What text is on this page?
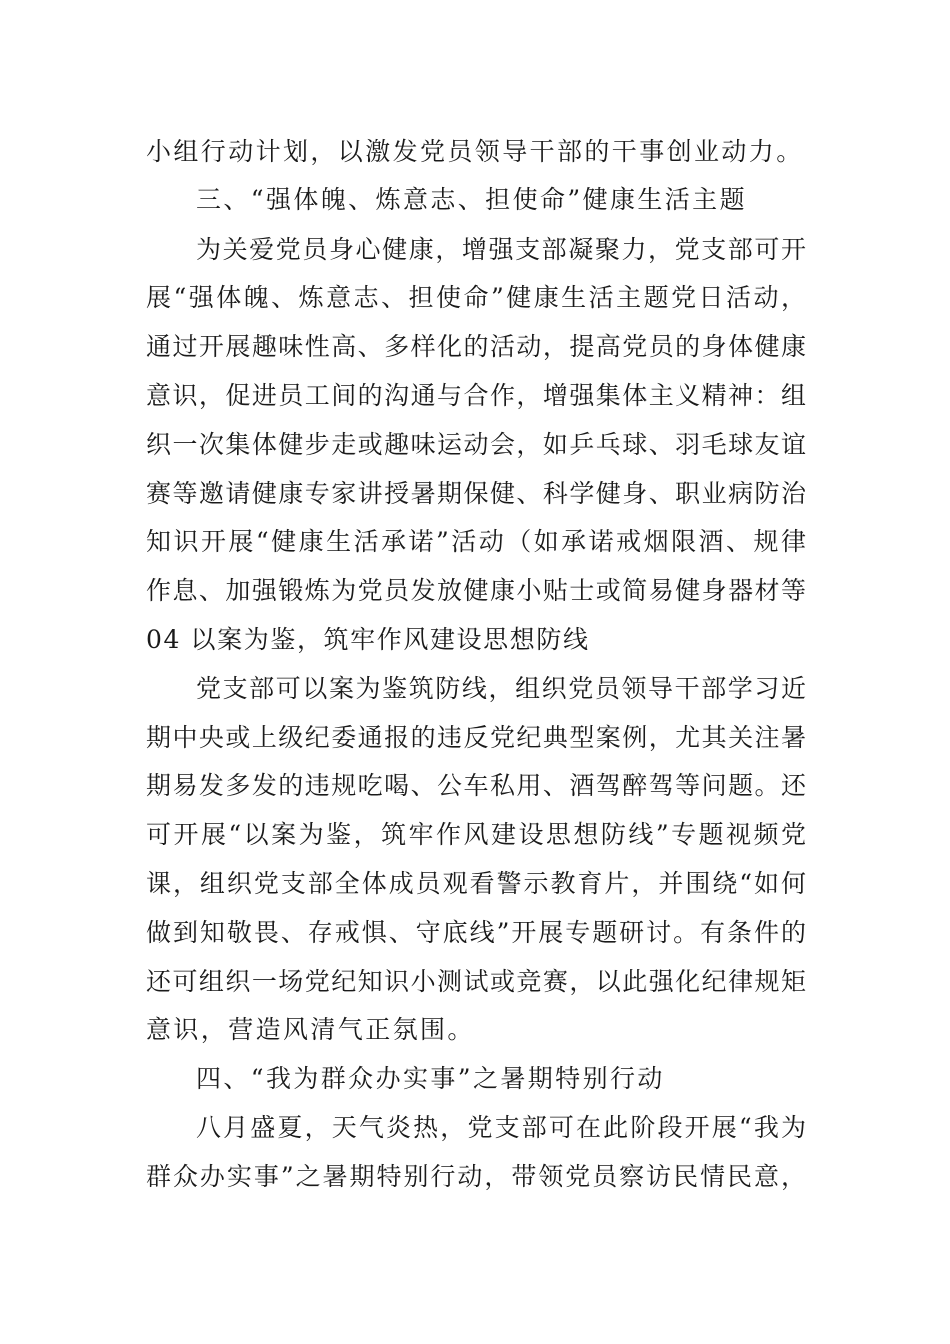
小组行动计划，以激发党员领导干部的干事创业动力。
三、“强体魄、炼意志、担使命”健康生活主题
为关爱党员身心健康，增强支部凝聚力，党支部可开
展“强体魄、炼意志、担使命”健康生活主题党日活动，
通过开展趣味性高、多样化的活动，提高党员的身体健康
意识，促进员工间的沟通与合作，增强集体主义精神：组
织一次集体健步走或趣味运动会，如乒乓球、羽毛球友谊
赛等邀请健康专家讲授暑期保健、科学健身、职业病防治
知识开展“健康生活承诺”活动（如承诺戒烟限酒、规律
作息、加强锻炼为党员发放健康小贴士或简易健身器材等
04 以案为鉴，筑牢作风建设思想防线
党支部可以案为鉴筑防线，组织党员领导干部学习近
期中央或上级纪委通报的违反党纪典型案例，尤其关注暑
期易发多发的违规吃喝、公车私用、酒驾醉驾等问题。还
可开展“以案为鉴，筑牢作风建设思想防线”专题视频党
课，组织党支部全体成员观看警示教育片，并围绕“如何
做到知敬畏、存戒惧、守底线”开展专题研讨。有条件的
还可组织一场党纪知识小测试或竞赛，以此强化纪律规矩
意识，营造风清气正氛围。
四、“我为群众办实事”之暑期特别行动
八月盛夏，天气炎热，党支部可在此阶段开展“我为
群众办实事”之暑期特别行动，带领党员察访民情民意，
